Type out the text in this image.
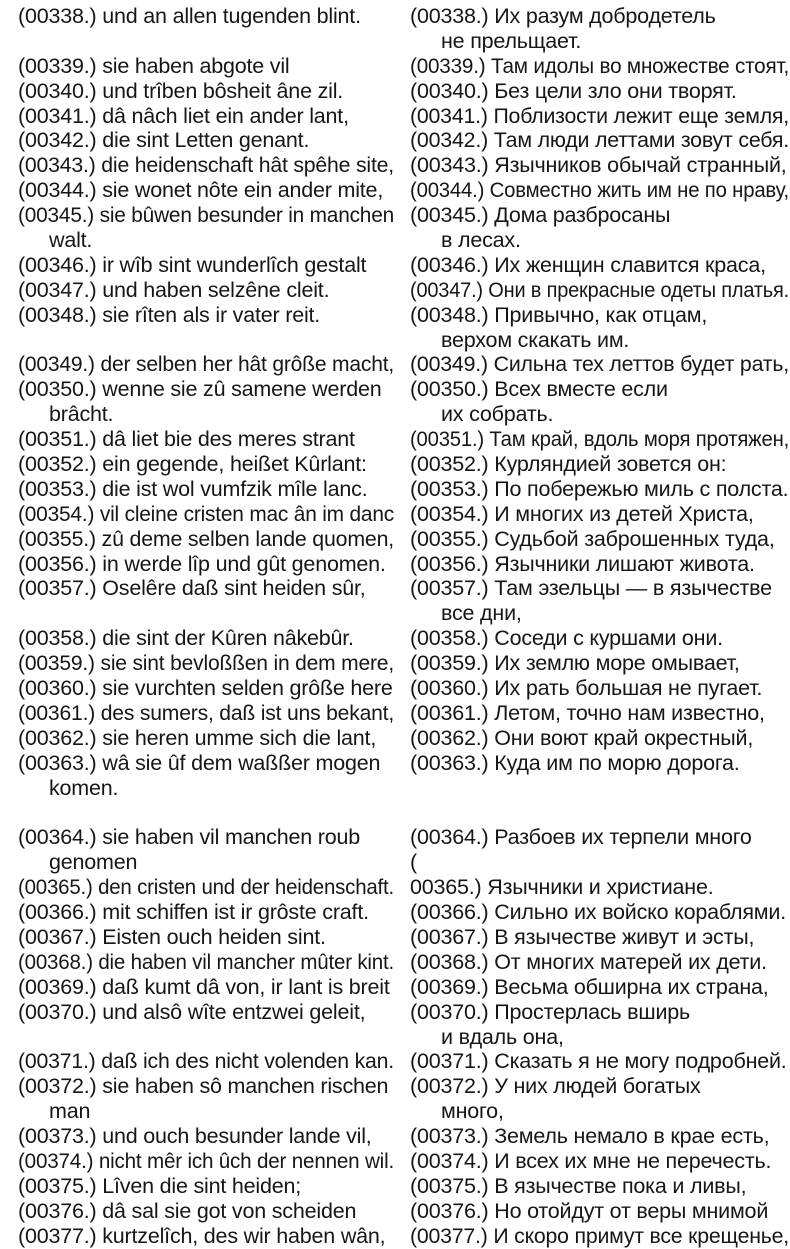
(00338.) und an allen tugenden blint.
(00339.) sie haben abgote vil
(00340.) und trîben bôsheit âne zil.
(00341.) dâ nâch liet ein ander lant,
(00342.) die sint Letten genant.
(00343.) die heidenschaft hât spêhe site,
(00344.) sie wonet nôte ein ander mite,
(00345.) sie bûwen besunder in manchen
walt.
(00346.) ir wîb sint wunderlîch gestalt
(00347.) und haben selzêne cleit.
(00348.) sie rîten als ir vater reit.
(00349.) der selben her hât grôße macht,
(00350.) wenne sie zû samene werden
brâcht.
(00351.) dâ liet bie des meres strant
(00352.) ein gegende, heißet Kûrlant:
(00353.) die ist wol vumfzik mîle lanc.
(00354.) vil cleine cristen mac ân im danc
(00355.) zû deme selben lande quomen,
(00356.) in werde lîp und gût genomen.
(00357.) Oselêre daß sint heiden sûr,
(00358.) die sint der Kûren nâkebûr.
(00359.) sie sint bevloßßen in dem mere,
(00360.) sie vurchten selden grôße here
(00361.) des sumers, daß ist uns bekant,
(00362.) sie heren umme sich die lant,
(00363.) wâ sie ûf dem waßßer mogen
komen.
(00364.) sie haben vil manchen roub
genomen
(00365.) den cristen und der heidenschaft.
(00366.) mit schiffen ist ir grôste craft.
(00367.) Eisten ouch heiden sint.
(00368.) die haben vil mancher mûter kint.
(00369.) daß kumt dâ von, ir lant is breit
(00370.) und alsô wîte entzwei geleit,
(00371.) daß ich des nicht volenden kan.
(00372.) sie haben sô manchen rischen
man
(00373.) und ouch besunder lande vil,
(00374.) nicht mêr ich ûch der nennen wil.
(00375.) Lîven die sint heiden;
(00376.) dâ sal sie got von scheiden
(00377.) kurtzelîch, des wir haben wân,
(00338.) Их разум добродетель
не прельщает.
(00339.) Там идолы во множестве стоят,
(00340.) Без цели зло они творят.
(00341.) Поблизости лежит еще земля,
(00342.) Там люди леттами зовут себя.
(00343.) Язычников обычай странный,
(00344.) Совместно жить им не по нраву,
(00345.) Дома разбросаны
в лесах.
(00346.) Их женщин славится краса,
(00347.) Они в прекрасные одеты платья.
(00348.) Привычно, как отцам,
верхом скакать им.
(00349.) Сильна тех леттов будет рать,
(00350.) Всех вместе если
их собрать.
(00351.) Там край, вдоль моря протяжен,
(00352.) Курляндией зовется он:
(00353.) По побережью миль с полста.
(00354.) И многих из детей Христа,
(00355.) Судьбой заброшенных туда,
(00356.) Язычники лишают живота.
(00357.) Там эзельцы — в язычестве
все дни,
(00358.) Соседи с куршами они.
(00359.) Их землю море омывает,
(00360.) Их рать большая не пугает.
(00361.) Летом, точно нам известно,
(00362.) Они воют край окрестный,
(00363.) Куда им по морю дорога.
(00364.) Разбоев их терпели много
(
00365.) Язычники и христиане.
(00366.) Сильно их войско кораблями.
(00367.) В язычестве живут и эсты,
(00368.) От многих матерей их дети.
(00369.) Весьма обширна их страна,
(00370.) Простерлась вширь
и вдаль она,
(00371.) Сказать я не могу подробней.
(00372.) У них людей богатых
много,
(00373.) Земель немало в крае есть,
(00374.) И всех их мне не перечесть.
(00375.) В язычестве пока и ливы,
(00376.) Но отойдут от веры мнимой
(00377.) И скоро примут все крещенье,
